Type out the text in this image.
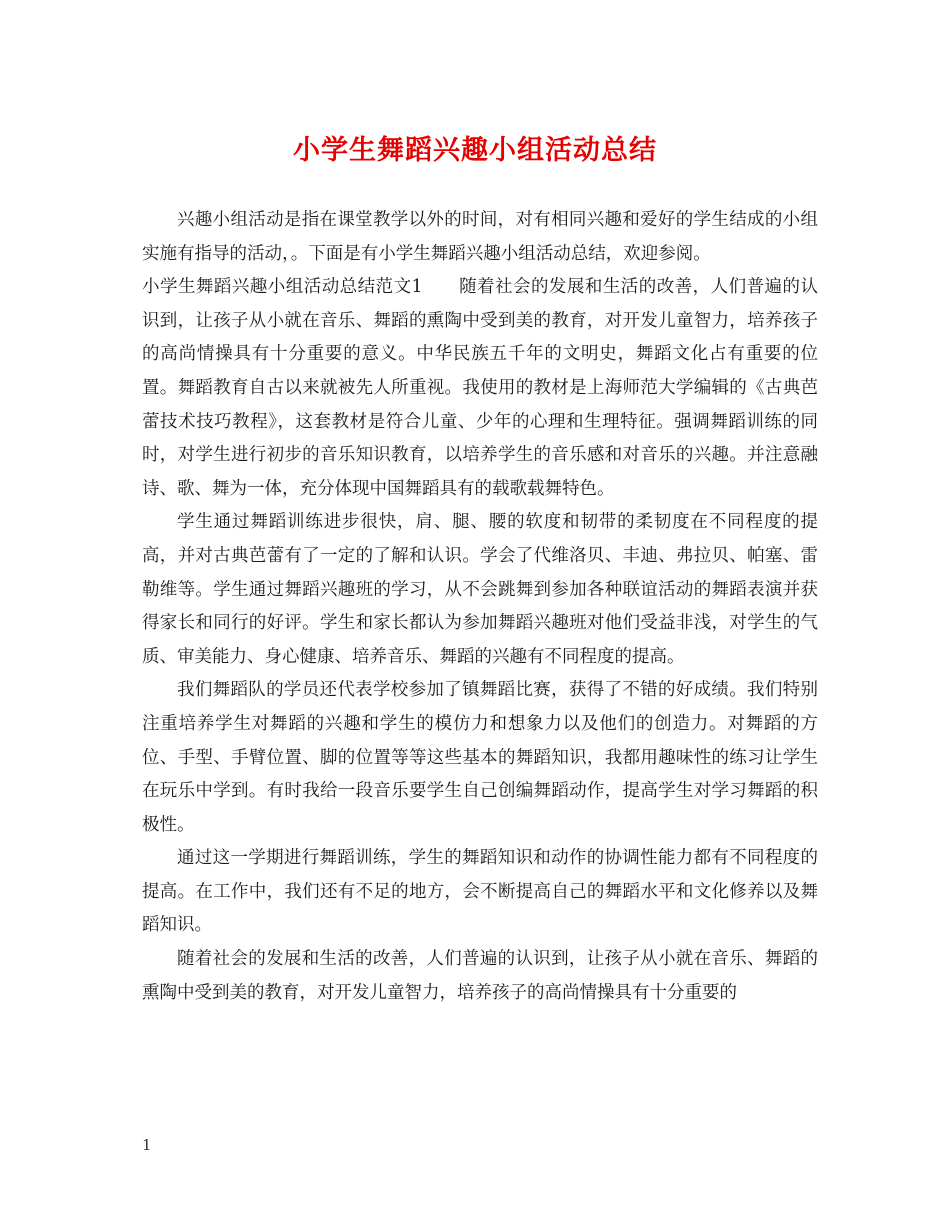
小学生舞蹈兴趣小组活动总结

兴趣小组活动是指在课堂教学以外的时间，对有相同兴趣和爱好的学生结成的小组实施有指导的活动，。下面是有小学生舞蹈兴趣小组活动总结，欢迎参阅。

小学生舞蹈兴趣小组活动总结范文1　　随着社会的发展和生活的改善，人们普遍的认识到，让孩子从小就在音乐、舞蹈的熏陶中受到美的教育，对开发儿童智力，培养孩子的高尚情操具有十分重要的意义。中华民族五千年的文明史，舞蹈文化占有重要的位置。舞蹈教育自古以来就被先人所重视。我使用的教材是上海师范大学编辑的《古典芭蕾技术技巧教程》，这套教材是符合儿童、少年的心理和生理特征。强调舞蹈训练的同时，对学生进行初步的音乐知识教育，以培养学生的音乐感和对音乐的兴趣。并注意融诗、歌、舞为一体，充分体现中国舞蹈具有的载歌载舞特色。

学生通过舞蹈训练进步很快，肩、腿、腰的软度和韧带的柔韧度在不同程度的提高，并对古典芭蕾有了一定的了解和认识。学会了代维洛贝、丰迪、弗拉贝、帕塞、雷勒维等。学生通过舞蹈兴趣班的学习，从不会跳舞到参加各种联谊活动的舞蹈表演并获得家长和同行的好评。学生和家长都认为参加舞蹈兴趣班对他们受益非浅，对学生的气质、审美能力、身心健康、培养音乐、舞蹈的兴趣有不同程度的提高。

我们舞蹈队的学员还代表学校参加了镇舞蹈比赛，获得了不错的好成绩。我们特别注重培养学生对舞蹈的兴趣和学生的模仿力和想象力以及他们的创造力。对舞蹈的方位、手型、手臂位置、脚的位置等等这些基本的舞蹈知识，我都用趣味性的练习让学生在玩乐中学到。有时我给一段音乐要学生自己创编舞蹈动作，提高学生对学习舞蹈的积极性。

通过这一学期进行舞蹈训练，学生的舞蹈知识和动作的协调性能力都有不同程度的提高。在工作中，我们还有不足的地方，会不断提高自己的舞蹈水平和文化修养以及舞蹈知识。

随着社会的发展和生活的改善，人们普遍的认识到，让孩子从小就在音乐、舞蹈的熏陶中受到美的教育，对开发儿童智力，培养孩子的高尚情操具有十分重要的

1
